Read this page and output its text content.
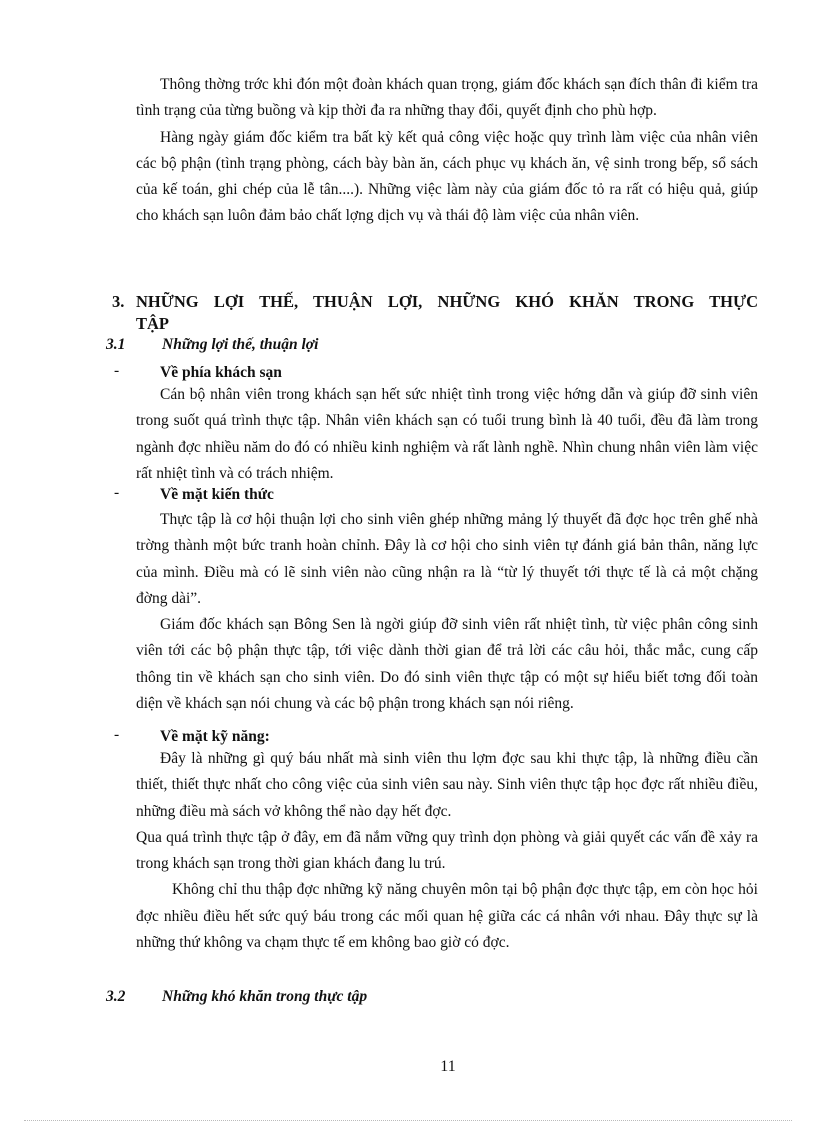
Thông thờng trớc khi đón một đoàn khách quan trọng, giám đốc khách sạn đích thân đi kiểm tra tình trạng của từng buồng và kịp thời đa ra những thay đổi, quyết định cho phù hợp.

Hàng ngày giám đốc kiểm tra bất kỳ kết quả công việc hoặc quy trình làm việc của nhân viên các bộ phận (tình trạng phòng, cách bày bàn ăn, cách phục vụ khách ăn, vệ sinh trong bếp, sổ sách của kế toán, ghi chép của lễ tân....). Những việc làm này của giám đốc tỏ ra rất có hiệu quả, giúp cho khách sạn luôn đảm bảo chất lợng dịch vụ và thái độ làm việc của nhân viên.

3. NHỮNG LỢI THẾ, THUẬN LỢI, NHỮNG KHÓ KHĂN TRONG THỰC
TẬP
3.1 Những lợi thế, thuận lợi
-	Về phía khách sạn

Cán bộ nhân viên trong khách sạn hết sức nhiệt tình trong việc hớng dẫn và giúp đỡ sinh viên trong suốt quá trình thực tập. Nhân viên khách sạn có tuổi trung bình là 40 tuổi, đều đã làm trong ngành đợc nhiều năm do đó có nhiều kinh nghiệm và rất lành nghề. Nhìn chung nhân viên làm việc rất nhiệt tình và có trách nhiệm.

-	Về mặt kiến thức

Thực tập là cơ hội thuận lợi cho sinh viên ghép những mảng lý thuyết đã đợc học trên ghế nhà trờng thành một bức tranh hoàn chỉnh. Đây là cơ hội cho sinh viên tự đánh giá bản thân, năng lực của mình. Điều mà có lẽ sinh viên nào cũng nhận ra là “từ lý thuyết tới thực tế là cả một chặng đờng dài”.

Giám đốc khách sạn Bông Sen là ngời giúp đỡ sinh viên rất nhiệt tình, từ việc phân công sinh viên tới các bộ phận thực tập, tới việc dành thời gian để trả lời các câu hỏi, thắc mắc, cung cấp thông tin về khách sạn cho sinh viên. Do đó sinh viên thực tập có một sự hiểu biết tơng đối toàn diện về khách sạn nói chung và các bộ phận trong khách sạn nói riêng.

-	Về mặt kỹ năng:

Đây là những gì quý báu nhất mà sinh viên thu lợm đợc sau khi thực tập, là những điều cần thiết, thiết thực nhất cho công việc của sinh viên sau này. Sinh viên thực tập học đợc rất nhiều điều, những điều mà sách vở không thể nào dạy hết đợc.

Qua quá trình thực tập ở đây, em đã nắm vững quy trình dọn phòng và giải quyết các vấn đề xảy ra trong khách sạn trong thời gian khách đang lu trú.

Không chỉ thu thập đợc những kỹ năng chuyên môn tại bộ phận đợc thực tập, em còn học hỏi đợc nhiều điều hết sức quý báu trong các mối quan hệ giữa các cá nhân với nhau. Đây thực sự là những thứ không va chạm thực tế em không bao giờ có đợc.

3.2 Những khó khăn trong thực tập
11
